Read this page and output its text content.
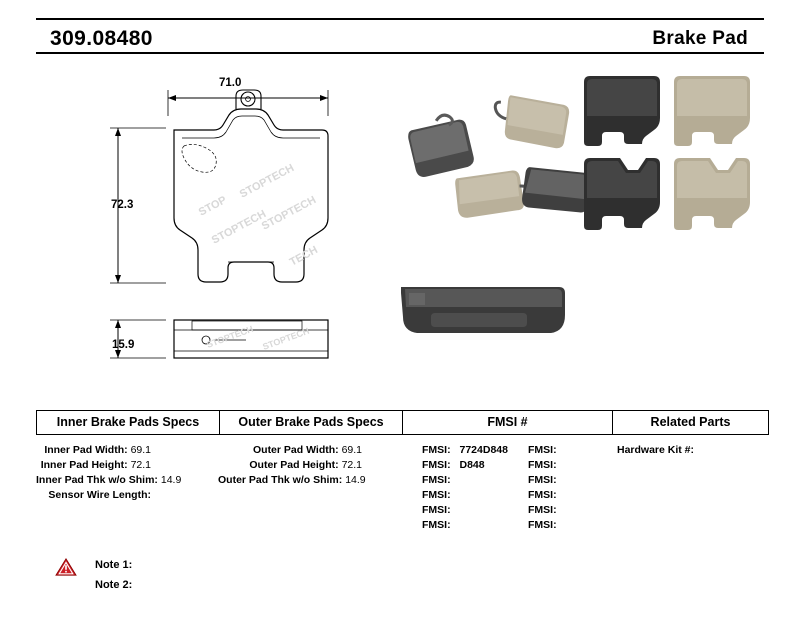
309.08480	Brake Pad
STOP
STOPTECH
STOPTECH
STOPTECH
TECH
STOPTECH STOPTECH
71.0
72.3
15.9
Inner Brake Pads Specs	Outer Brake Pads Specs	FMSI #	Related Parts
Inner Pad Width: 69.1
Inner Pad Height: 72.1
Inner Pad Thk w/o Shim: 14.9
Sensor Wire Length:
Outer Pad Width: 69.1
Outer Pad Height: 72.1
Outer Pad Thk w/o Shim: 14.9
FMSI: 7724D848
FMSI: D848
FMSI:
FMSI:
FMSI:
FMSI:
FMSI:
FMSI:
FMSI:
FMSI:
FMSI:
FMSI:
Hardware Kit #:
Note 1:
Note 2:
